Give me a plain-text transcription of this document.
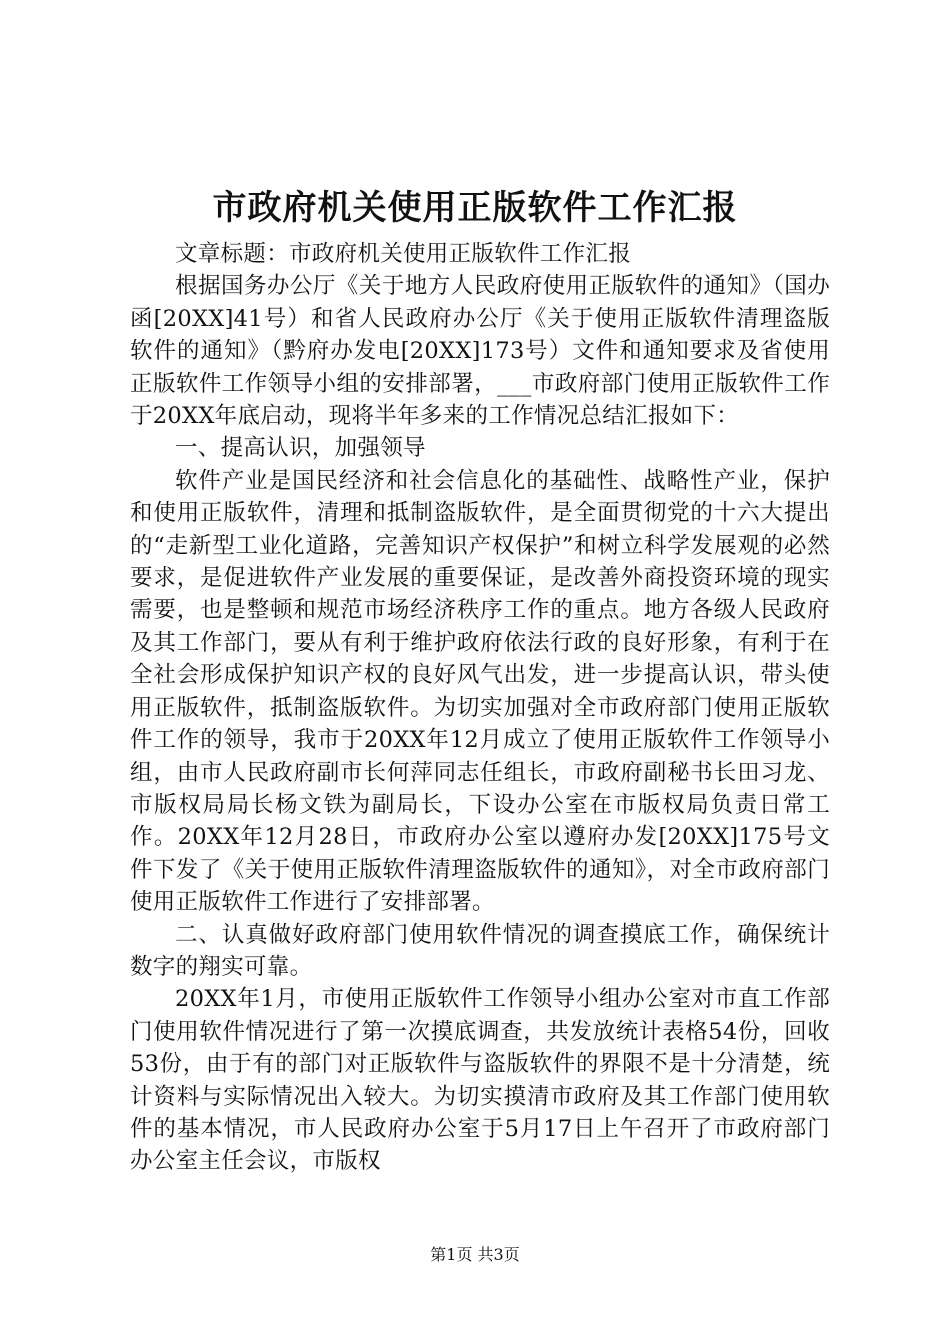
市政府机关使用正版软件工作汇报

文章标题：市政府机关使用正版软件工作汇报

根据国务办公厅《关于地方人民政府使用正版软件的通知》（国办函[20XX]41号）和省人民政府办公厅《关于使用正版软件清理盗版软件的通知》（黔府办发电[20XX]173号）文件和通知要求及省使用正版软件工作领导小组的安排部署，___市政府部门使用正版软件工作于20XX年底启动，现将半年多来的工作情况总结汇报如下：

一、提高认识，加强领导

软件产业是国民经济和社会信息化的基础性、战略性产业，保护和使用正版软件，清理和抵制盗版软件，是全面贯彻党的十六大提出的“走新型工业化道路，完善知识产权保护”和树立科学发展观的必然要求，是促进软件产业发展的重要保证，是改善外商投资环境的现实需要，也是整顿和规范市场经济秩序工作的重点。地方各级人民政府及其工作部门，要从有利于维护政府依法行政的良好形象，有利于在全社会形成保护知识产权的良好风气出发，进一步提高认识，带头使用正版软件，抵制盗版软件。为切实加强对全市政府部门使用正版软件工作的领导，我市于20XX年12月成立了使用正版软件工作领导小组，由市人民政府副市长何萍同志任组长，市政府副秘书长田习龙、市版权局局长杨文铁为副局长，下设办公室在市版权局负责日常工作。20XX年12月28日，市政府办公室以遵府办发[20XX]175号文件下发了《关于使用正版软件清理盗版软件的通知》，对全市政府部门使用正版软件工作进行了安排部署。

二、认真做好政府部门使用软件情况的调查摸底工作，确保统计数字的翔实可靠。

20XX年1月，市使用正版软件工作领导小组办公室对市直工作部门使用软件情况进行了第一次摸底调查，共发放统计表格54份，回收53份，由于有的部门对正版软件与盗版软件的界限不是十分清楚，统计资料与实际情况出入较大。为切实摸清市政府及其工作部门使用软件的基本情况，市人民政府办公室于5月17日上午召开了市政府部门办公室主任会议，市版权

第1页 共3页
